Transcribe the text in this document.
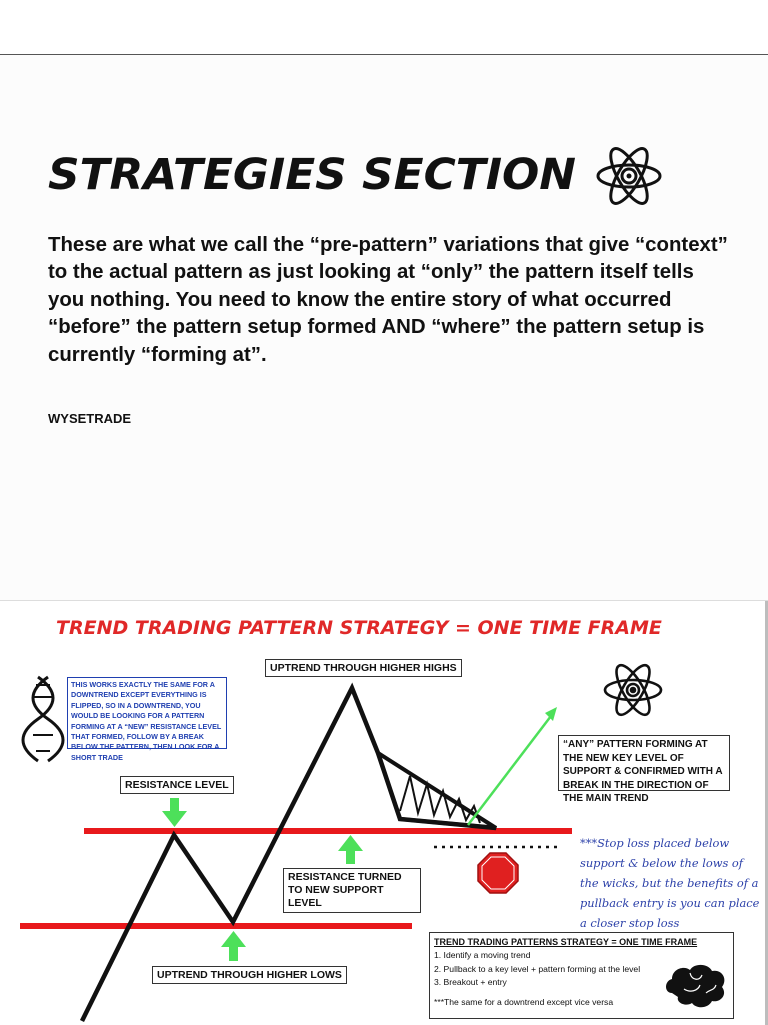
STRATEGIES SECTION
These are what we call the “pre-pattern” variations that give “context” to the actual pattern as just looking at “only” the pattern itself tells you nothing. You need to know the entire story of what occurred “before” the pattern setup formed AND “where” the pattern setup is currently “forming at”.
WYSETRADE
TREND TRADING PATTERN STRATEGY = ONE TIME FRAME
THIS WORKS EXACTLY THE SAME FOR A DOWNTREND EXCEPT EVERYTHING IS FLIPPED, SO IN A DOWNTREND, YOU WOULD BE LOOKING FOR A PATTERN FORMING AT A “NEW” RESISTANCE LEVEL THAT FORMED, FOLLOW BY A BREAK BELOW THE PATTERN, THEN LOOK FOR A SHORT TRADE
UPTREND THROUGH HIGHER HIGHS
RESISTANCE LEVEL
RESISTANCE TURNED TO NEW SUPPORT LEVEL
UPTREND THROUGH HIGHER LOWS
“ANY” PATTERN FORMING AT THE NEW KEY LEVEL OF SUPPORT & CONFIRMED WITH A BREAK IN THE DIRECTION OF THE MAIN TREND
***Stop loss placed below support & below the lows of the wicks, but the benefits of a pullback entry is you can place a closer stop loss
TREND TRADING PATTERNS STRATEGY = ONE TIME FRAME
1. Identify a moving trend
2. Pullback to a key level + pattern forming at the level
3. Breakout + entry
***The same for a downtrend except vice versa
